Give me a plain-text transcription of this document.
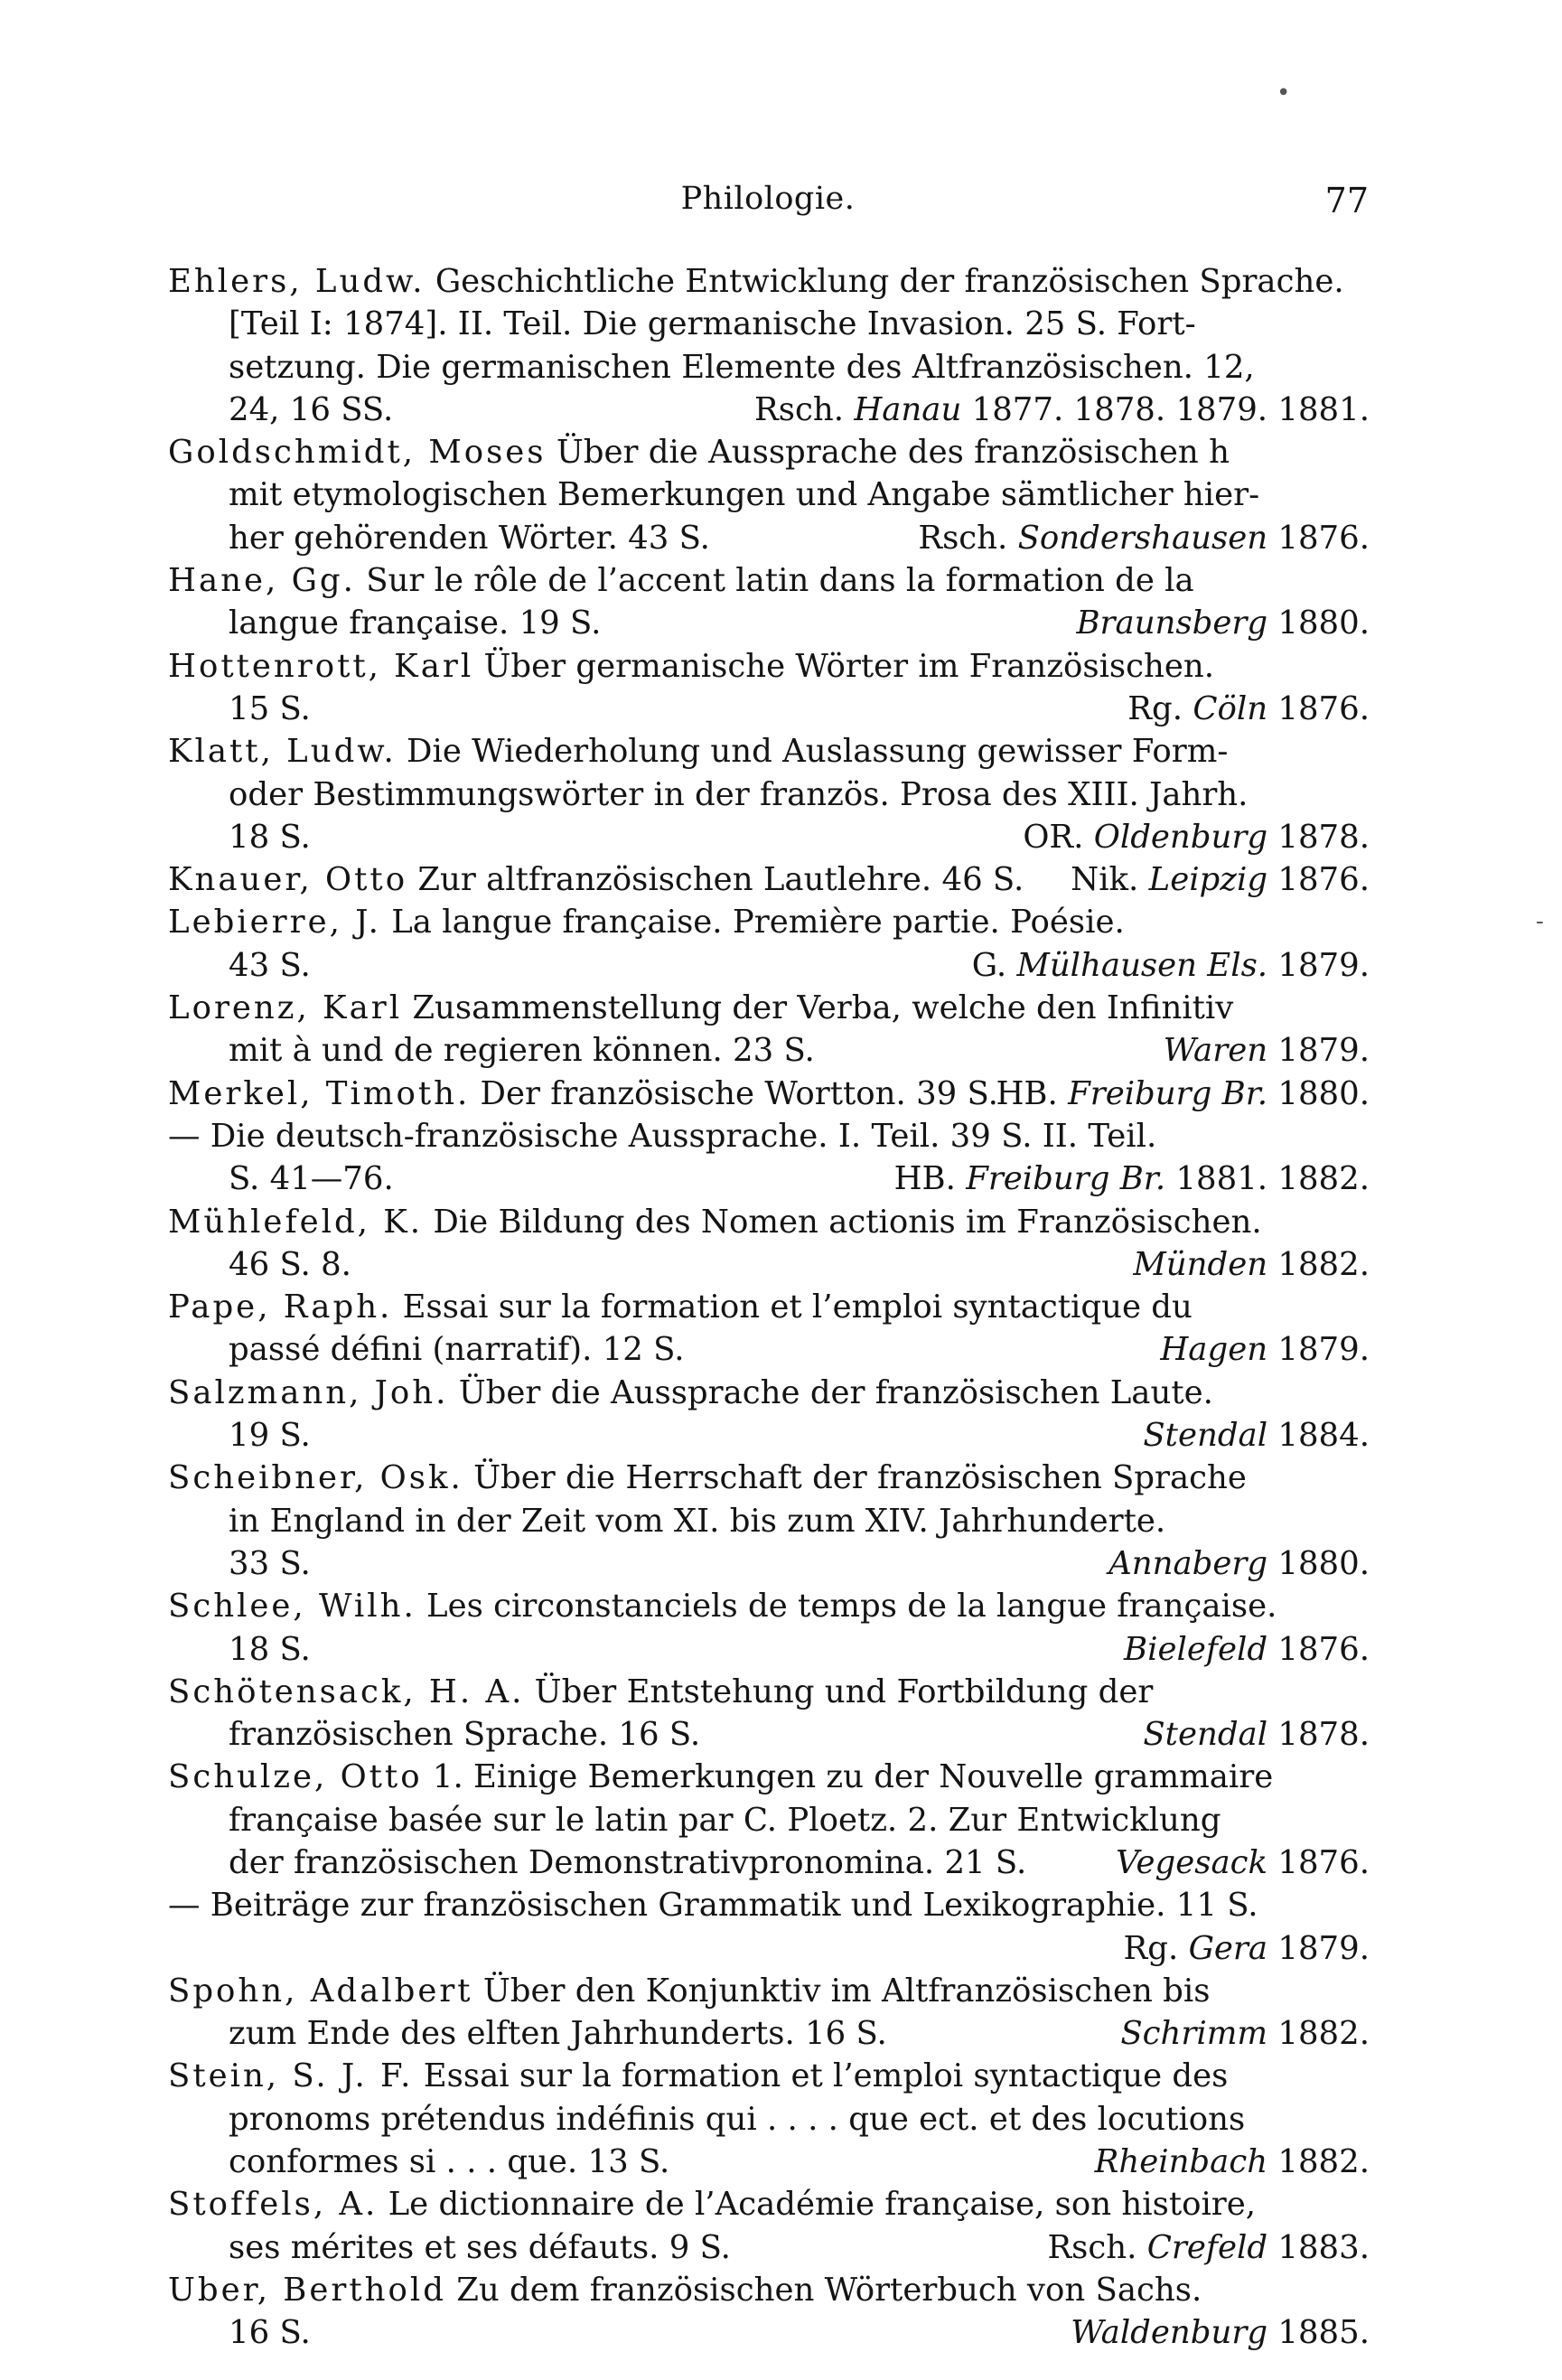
Philologie.	77
Ehlers, Ludw. Geschichtliche Entwicklung der französischen Sprache.
[Teil I: 1874]. II. Teil. Die germanische Invasion. 25 S. Fort-
setzung. Die germanischen Elemente des Altfranzösischen. 12,
24, 16 SS.	Rsch. Hanau 1877. 1878. 1879. 1881.
Goldschmidt, Moses Über die Aussprache des französischen h
mit etymologischen Bemerkungen und Angabe sämtlicher hier-
her gehörenden Wörter. 43 S.	Rsch. Sondershausen 1876.
Hane, Gg. Sur le rôle de l’accent latin dans la formation de la
langue française. 19 S.	Braunsberg 1880.
Hottenrott, Karl Über germanische Wörter im Französischen.
15 S.	Rg. Cöln 1876.
Klatt, Ludw. Die Wiederholung und Auslassung gewisser Form-
oder Bestimmungswörter in der französ. Prosa des XIII. Jahrh.
18 S.	OR. Oldenburg 1878.
Knauer, Otto Zur altfranzösischen Lautlehre. 46 S. Nik. Leipzig 1876.
Lebierre, J. La langue française. Première partie. Poésie.
43 S.	G. Mülhausen Els. 1879.
Lorenz, Karl Zusammenstellung der Verba, welche den Infinitiv
mit à und de regieren können. 23 S.	Waren 1879.
Merkel, Timoth. Der französische Wortton. 39 S.
HB. Freiburg Br. 1880.
— Die deutsch-französische Aussprache. I. Teil. 39 S. II. Teil.
S. 41—76.	HB. Freiburg Br. 1881. 1882.
Mühlefeld, K. Die Bildung des Nomen actionis im Französischen.
46 S. 8.	Münden 1882.
Pape, Raph. Essai sur la formation et l’emploi syntactique du
passé défini (narratif). 12 S.	Hagen 1879.
Salzmann, Joh. Über die Aussprache der französischen Laute.
19 S.	Stendal 1884.
Scheibner, Osk. Über die Herrschaft der französischen Sprache
in England in der Zeit vom XI. bis zum XIV. Jahrhunderte.
33 S.	Annaberg 1880.
Schlee, Wilh. Les circonstanciels de temps de la langue française.
18 S.	Bielefeld 1876.
Schötensack, H. A. Über Entstehung und Fortbildung der
französischen Sprache. 16 S.	Stendal 1878.
Schulze, Otto 1. Einige Bemerkungen zu der Nouvelle grammaire
française basée sur le latin par C. Ploetz. 2. Zur Entwicklung
der französischen Demonstrativpronomina. 21 S.	Vegesack 1876.
— Beiträge zur französischen Grammatik und Lexikographie. 11 S.
Rg. Gera 1879.
Spohn, Adalbert Über den Konjunktiv im Altfranzösischen bis
zum Ende des elften Jahrhunderts. 16 S.	Schrimm 1882.
Stein, S. J. F. Essai sur la formation et l’emploi syntactique des
pronoms prétendus indéfinis qui . . . . que ect. et des locutions
conformes si . . . que. 13 S.	Rheinbach 1882.
Stoffels, A. Le dictionnaire de l’Académie française, son histoire,
ses mérites et ses défauts. 9 S.	Rsch. Crefeld 1883.
Uber, Berthold Zu dem französischen Wörterbuch von Sachs.
16 S.	Waldenburg 1885.
•
-
